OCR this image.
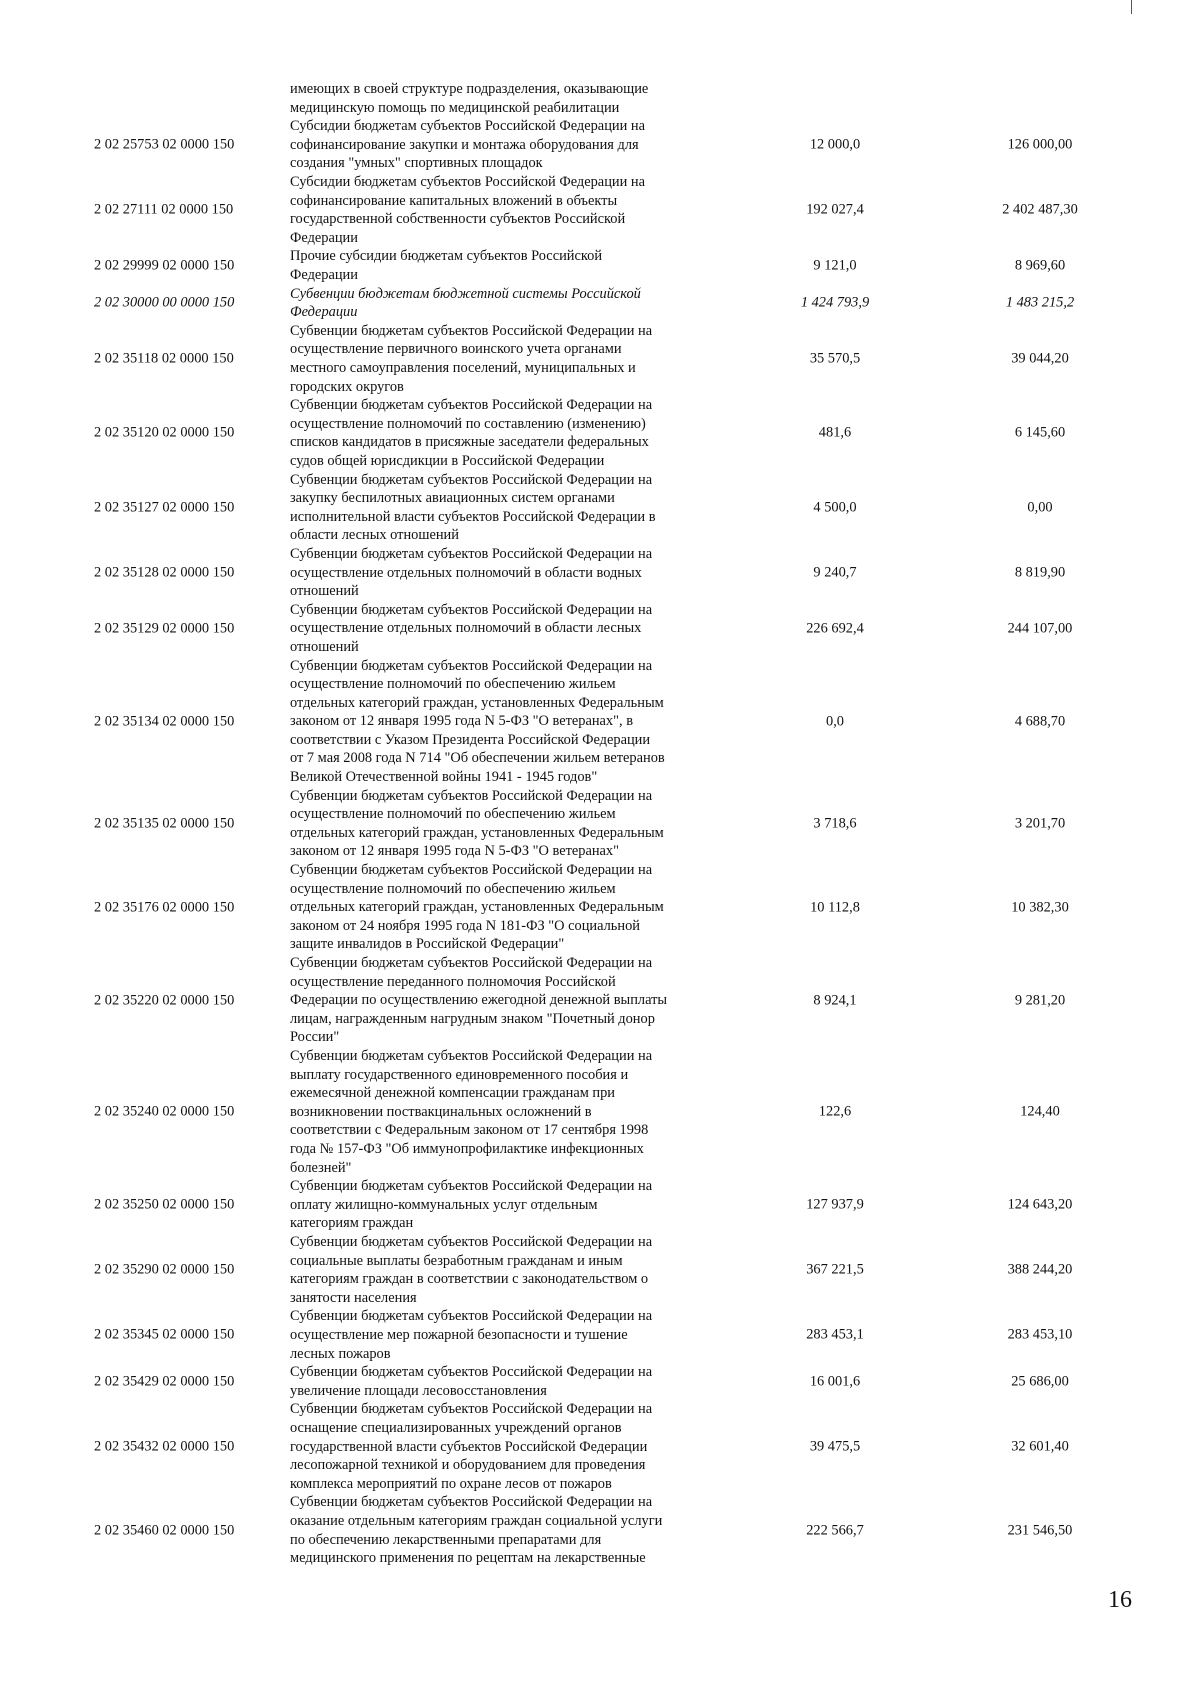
имеющих в своей структуре подразделения, оказывающие
медицинскую помощь по медицинской реабилитации
2 02 25753 02 0000 150
Субсидии бюджетам субъектов Российской Федерации на
софинансирование закупки и монтажа оборудования для
создания "умных" спортивных площадок
12 000,0	126 000,00
2 02 27111 02 0000 150
Субсидии бюджетам субъектов Российской Федерации на
софинансирование капитальных вложений в объекты
государственной собственности субъектов Российской
Федерации
192 027,4	2 402 487,30
2 02 29999 02 0000 150
Прочие субсидии бюджетам субъектов Российской
Федерации
9 121,0	8 969,60
2 02 30000 00 0000 150
Субвенции бюджетам бюджетной системы Российской
Федерации
1 424 793,9	1 483 215,2
2 02 35118 02 0000 150
Субвенции бюджетам субъектов Российской Федерации на
осуществление первичного воинского учета органами
местного самоуправления поселений, муниципальных и
городских округов
35 570,5	39 044,20
2 02 35120 02 0000 150
Субвенции бюджетам субъектов Российской Федерации на
осуществление полномочий по составлению (изменению)
списков кандидатов в присяжные заседатели федеральных
судов общей юрисдикции в Российской Федерации
481,6	6 145,60
2 02 35127 02 0000 150
Субвенции бюджетам субъектов Российской Федерации на
закупку беспилотных авиационных систем органами
исполнительной власти субъектов Российской Федерации в
области лесных отношений
4 500,0	0,00
2 02 35128 02 0000 150
Субвенции бюджетам субъектов Российской Федерации на
осуществление отдельных полномочий в области водных
отношений
9 240,7	8 819,90
2 02 35129 02 0000 150
Субвенции бюджетам субъектов Российской Федерации на
осуществление отдельных полномочий в области лесных
отношений
226 692,4	244 107,00
2 02 35134 02 0000 150
Субвенции бюджетам субъектов Российской Федерации на
осуществление полномочий по обеспечению жильем
отдельных категорий граждан, установленных Федеральным
законом от 12 января 1995 года N 5-ФЗ "О ветеранах", в
соответствии с Указом Президента Российской Федерации
от 7 мая 2008 года N 714 "Об обеспечении жильем ветеранов
Великой Отечественной войны 1941 - 1945 годов"
0,0	4 688,70
2 02 35135 02 0000 150
Субвенции бюджетам субъектов Российской Федерации на
осуществление полномочий по обеспечению жильем
отдельных категорий граждан, установленных Федеральным
законом от 12 января 1995 года N 5-ФЗ "О ветеранах"
3 718,6	3 201,70
2 02 35176 02 0000 150
Субвенции бюджетам субъектов Российской Федерации на
осуществление полномочий по обеспечению жильем
отдельных категорий граждан, установленных Федеральным
законом от 24 ноября 1995 года N 181-ФЗ "О социальной
защите инвалидов в Российской Федерации"
10 112,8	10 382,30
2 02 35220 02 0000 150
Субвенции бюджетам субъектов Российской Федерации на
осуществление переданного полномочия Российской
Федерации по осуществлению ежегодной денежной выплаты
лицам, награжденным нагрудным знаком "Почетный донор
России"
8 924,1	9 281,20
2 02 35240 02 0000 150
Субвенции бюджетам субъектов Российской Федерации на
выплату государственного единовременного пособия и
ежемесячной денежной компенсации гражданам при
возникновении поствакцинальных осложнений в
соответствии с Федеральным законом от 17 сентября 1998
года № 157-ФЗ "Об иммунопрофилактике инфекционных
болезней"
122,6	124,40
2 02 35250 02 0000 150
Субвенции бюджетам субъектов Российской Федерации на
оплату жилищно-коммунальных услуг отдельным
категориям граждан
127 937,9	124 643,20
2 02 35290 02 0000 150
Субвенции бюджетам субъектов Российской Федерации на
социальные выплаты безработным гражданам и иным
категориям граждан в соответствии с законодательством о
занятости населения
367 221,5	388 244,20
2 02 35345 02 0000 150
Субвенции бюджетам субъектов Российской Федерации на
осуществление мер пожарной безопасности и тушение
лесных пожаров
283 453,1	283 453,10
2 02 35429 02 0000 150
Субвенции бюджетам субъектов Российской Федерации на
увеличение площади лесовосстановления
16 001,6	25 686,00
2 02 35432 02 0000 150
Субвенции бюджетам субъектов Российской Федерации на
оснащение специализированных учреждений органов
государственной власти субъектов Российской Федерации
лесопожарной техникой и оборудованием для проведения
комплекса мероприятий по охране лесов от пожаров
39 475,5	32 601,40
2 02 35460 02 0000 150
Субвенции бюджетам субъектов Российской Федерации на
оказание отдельным категориям граждан социальной услуги
по обеспечению лекарственными препаратами для
медицинского применения по рецептам на лекарственные
222 566,7	231 546,50
16
